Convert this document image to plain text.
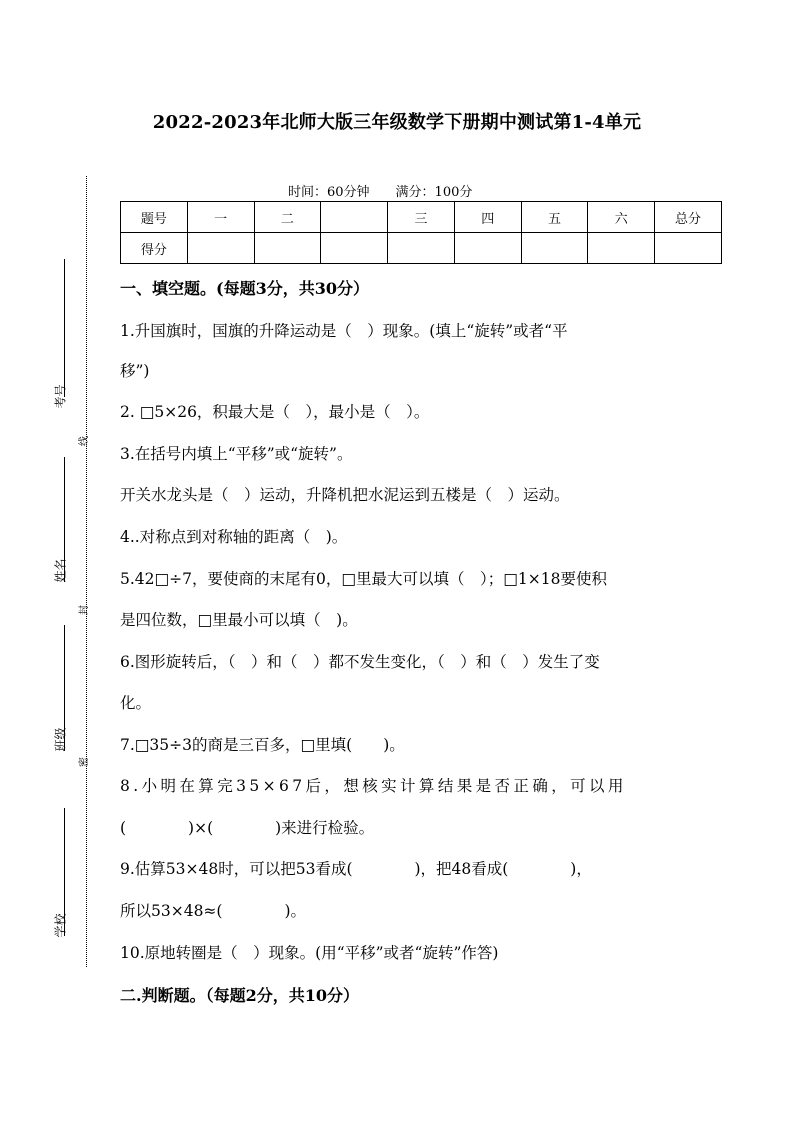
2022-2023年北师大版三年级数学下册期中测试第1-4单元
时间：60分钟 满分：100分
题号	一	二		三	四	五	六	总分
得分								
线
封
密
考号
姓名
班级
学校
一、填空题。(每题3分，共30分）
1.升国旗时，国旗的升降运动是（　）现象。(填上“旋转”或者“平
移”)
2. □5×26，积最大是（　），最小是（　）。
3.在括号内填上“平移”或“旋转”。
开关水龙头是（　）运动，升降机把水泥运到五楼是（　）运动。
4..对称点到对称轴的距离（　)。
5.42□÷7，要使商的末尾有0，□里最大可以填（　）；□1×18要使积
是四位数，□里最小可以填（　)。
6.图形旋转后，（　）和（　）都不发生变化，（　）和（　）发生了变
化。
7.□35÷3的商是三百多，□里填(　　)。
8.小明在算完35×67后，想核实计算结果是否正确，可以用
(　　　　)×(　　　　)来进行检验。
9.估算53×48时，可以把53看成(　　　　)，把48看成(　　　　)，
所以53×48≈(　　　　)。
10.原地转圈是（　）现象。(用“平移”或者“旋转”作答)
二.判断题。（每题2分，共10分）
